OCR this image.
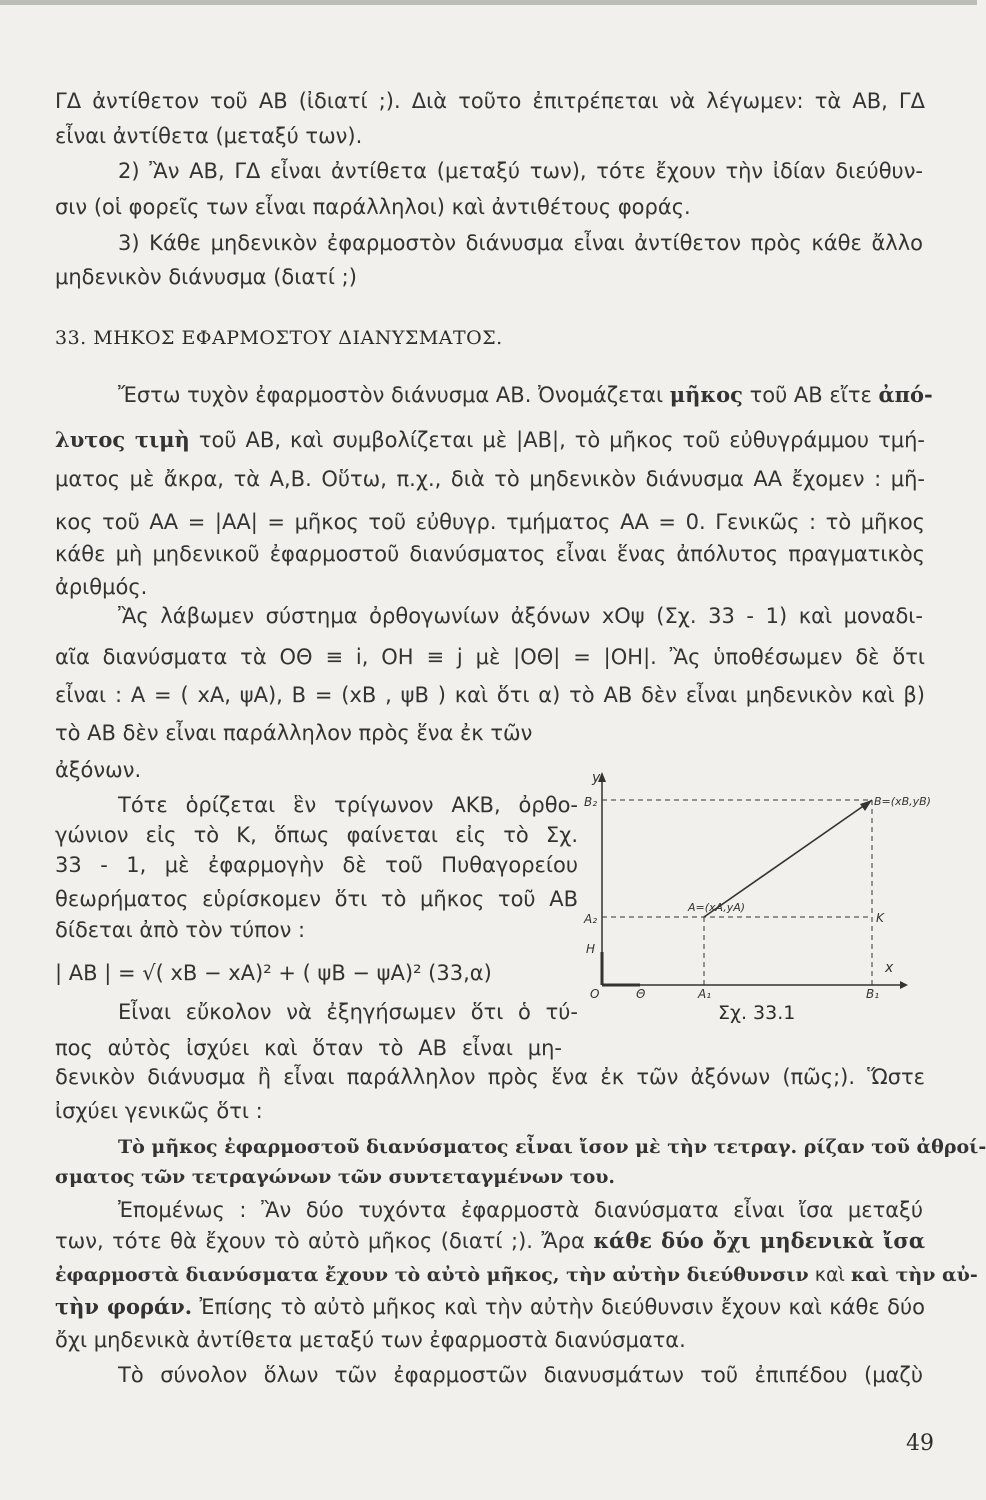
ΓΔ ἀντίθετον τοῦ ΑΒ (ἰδιατί ;). Διὰ τοῦτο ἐπιτρέπεται νὰ λέγωμεν: τὰ ΑΒ, ΓΔ
εἶναι ἀντίθετα (μεταξύ των).
2) Ἂν ΑΒ, ΓΔ εἶναι ἀντίθετα (μεταξύ των), τότε ἔχουν τὴν ἰδίαν διεύθυν-
σιν (οἱ φορεῖς των εἶναι παράλληλοι) καὶ ἀντιθέτους φοράς.
3) Κάθε μηδενικὸν ἐφαρμοστὸν διάνυσμα εἶναι ἀντίθετον πρὸς κάθε ἄλλο
μηδενικὸν διάνυσμα (διατί ;)
33. ΜΗΚΟΣ ΕΦΑΡΜΟΣΤΟΥ ΔΙΑΝΥΣΜΑΤΟΣ.
Ἔστω τυχὸν ἐφαρμοστὸν διάνυσμα ΑΒ. Ὀνομάζεται μῆκος τοῦ ΑΒ εἴτε ἀπό-
λυτος τιμὴ τοῦ ΑΒ, καὶ συμβολίζεται μὲ |ΑΒ|, τὸ μῆκος τοῦ εὐθυγράμμου τμή-
ματος μὲ ἄκρα, τὰ Α,Β. Οὕτω, π.χ., διὰ τὸ μηδενικὸν διάνυσμα ΑΑ ἔχομεν : μῆ-
κος τοῦ ΑΑ = |ΑΑ| = μῆκος τοῦ εὐθυγρ. τμήματος ΑΑ = 0. Γενικῶς : τὸ μῆκος
κάθε μὴ μηδενικοῦ ἐφαρμοστοῦ διανύσματος εἶναι ἕνας ἀπόλυτος πραγματικὸς
ἀριθμός.
Ἂς λάβωμεν σύστημα ὀρθογωνίων ἀξόνων xOψ (Σχ. 33 - 1) καὶ μοναδι-
αῖα διανύσματα τὰ ΟΘ ≡ i, ΟΗ ≡ j μὲ |ΟΘ| = |ΟΗ|. Ἂς ὑποθέσωμεν δὲ ὅτι
εἶναι : Α = ( xΑ, ψΑ), Β = (xΒ , ψΒ ) καὶ ὅτι α) τὸ ΑΒ δὲν εἶναι μηδενικὸν καὶ β)
τὸ ΑΒ δὲν εἶναι παράλληλον πρὸς ἕνα ἐκ τῶν
ἀξόνων.
Τότε ὁρίζεται ἓν τρίγωνον ΑΚΒ, ὀρθο-
γώνιον εἰς τὸ Κ, ὅπως φαίνεται εἰς τὸ Σχ.
33 - 1, μὲ ἐφαρμογὴν δὲ τοῦ Πυθαγορείου
θεωρήματος εὑρίσκομεν ὅτι τὸ μῆκος τοῦ ΑΒ
δίδεται ἀπὸ τὸν τύπον :
| ΑΒ | = √( xΒ − xΑ)² + ( ψΒ − ψΑ)² (33,α)
Εἶναι εὔκολον νὰ ἐξηγήσωμεν ὅτι ὁ τύ-
πος αὐτὸς ἰσχύει καὶ ὅταν τὸ ΑΒ εἶναι μη-
δενικὸν διάνυσμα ἢ εἶναι παράλληλον πρὸς ἕνα ἐκ τῶν ἀξόνων (πῶς;). Ὥστε
ἰσχύει γενικῶς ὅτι :
Τὸ μῆκος ἐφαρμοστοῦ διανύσματος εἶναι ἴσον μὲ τὴν τετραγ. ρίζαν τοῦ ἀθροί-
σματος τῶν τετραγώνων τῶν συντεταγμένων του.
Ἐπομένως : Ἂν δύο τυχόντα ἐφαρμοστὰ διανύσματα εἶναι ἴσα μεταξύ
των, τότε θὰ ἔχουν τὸ αὐτὸ μῆκος (διατί ;). Ἄρα κάθε δύο ὄχι μηδενικὰ ἴσα
ἐφαρμοστὰ διανύσματα ἔχουν τὸ αὐτὸ μῆκος, τὴν αὐτὴν διεύθυνσιν καὶ καὶ τὴν αὐ-
τὴν φοράν. Ἐπίσης τὸ αὐτὸ μῆκος καὶ τὴν αὐτὴν διεύθυνσιν ἔχουν καὶ κάθε δύο
ὄχι μηδενικὰ ἀντίθετα μεταξύ των ἐφαρμοστὰ διανύσματα.
Τὸ σύνολον ὅλων τῶν ἐφαρμοστῶν διανυσμάτων τοῦ ἐπιπέδου (μαζὺ
y
x
O
B₂	B=(xB,yB)
A₂
H
A=(xA,yA)
K
Θ	A₁	B₁
Σχ. 33.1
49
